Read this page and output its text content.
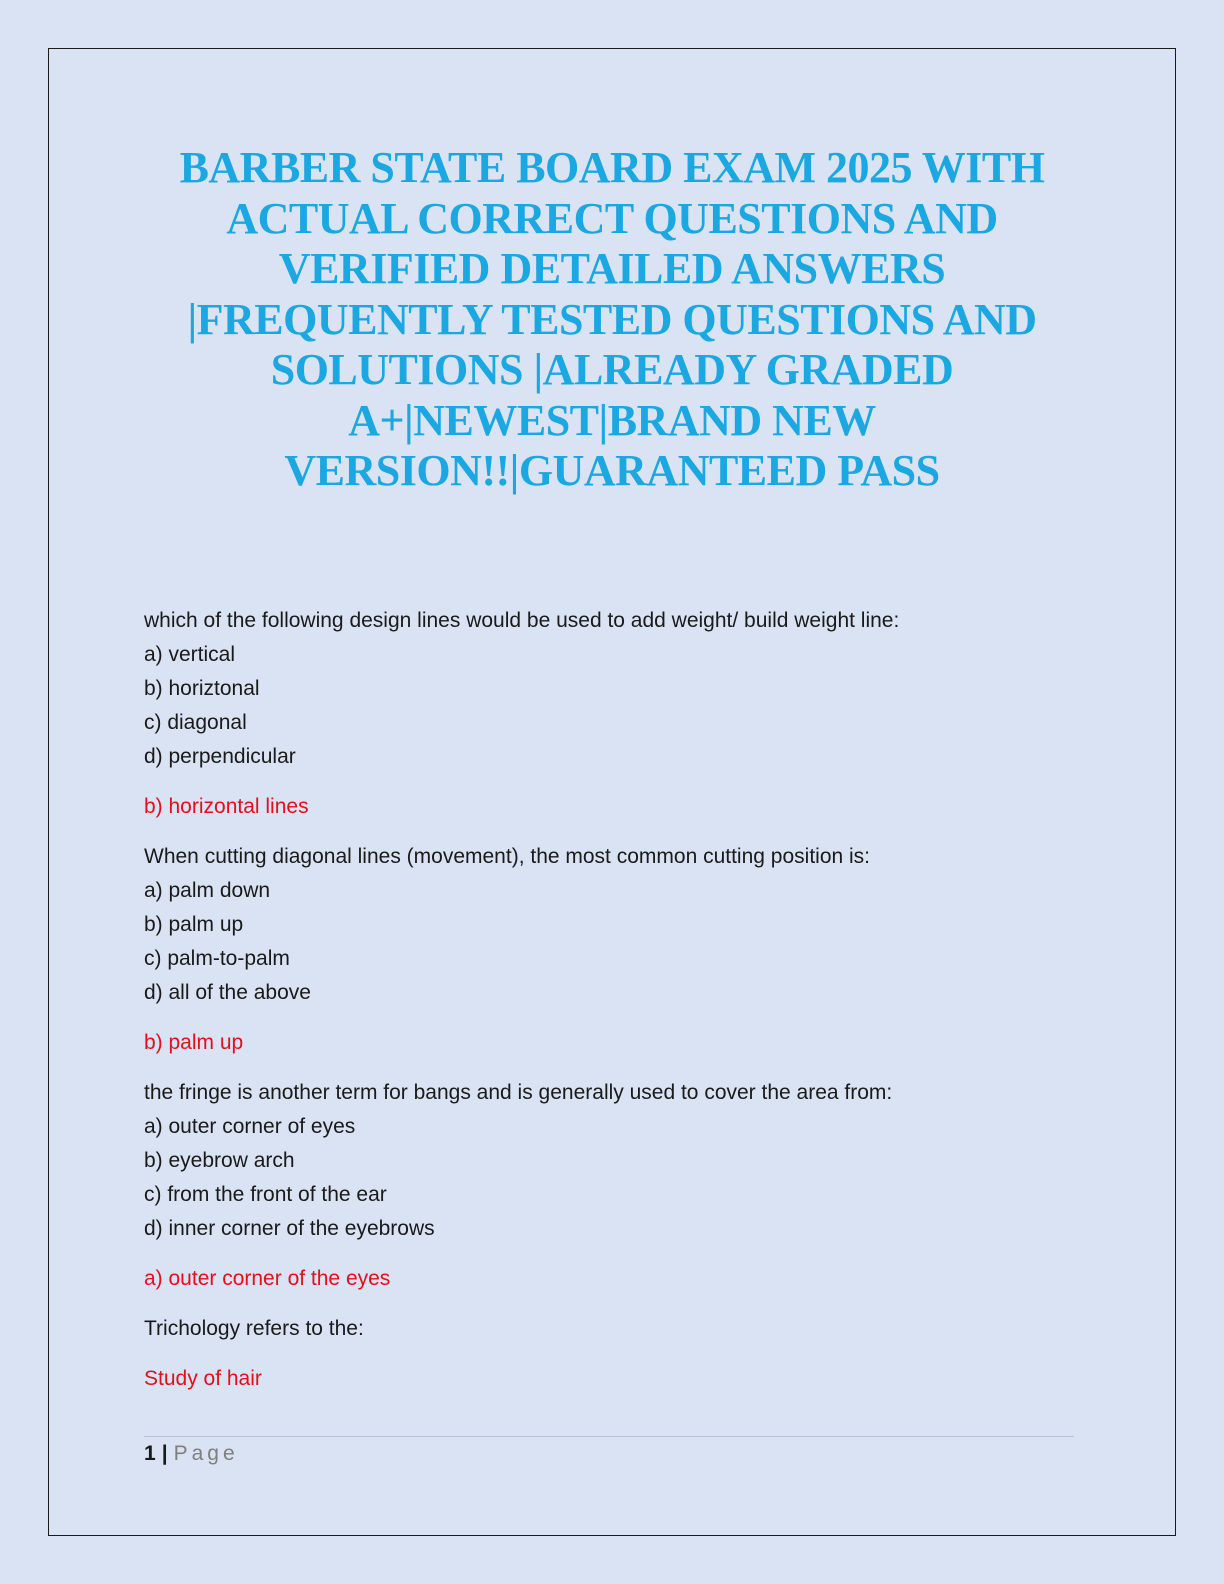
BARBER STATE BOARD EXAM 2025 WITH
ACTUAL CORRECT QUESTIONS AND
VERIFIED DETAILED ANSWERS
|FREQUENTLY TESTED QUESTIONS AND
SOLUTIONS |ALREADY GRADED
A+|NEWEST|BRAND NEW
VERSION!!|GUARANTEED PASS
which of the following design lines would be used to add weight/ build weight line:
a) vertical
b) horiztonal
c) diagonal
d) perpendicular
b) horizontal lines
When cutting diagonal lines (movement), the most common cutting position is:
a) palm down
b) palm up
c) palm-to-palm
d) all of the above
b) palm up
the fringe is another term for bangs and is generally used to cover the area from:
a) outer corner of eyes
b) eyebrow arch
c) from the front of the ear
d) inner corner of the eyebrows
a) outer corner of the eyes
Trichology refers to the:
Study of hair
1 | Page
